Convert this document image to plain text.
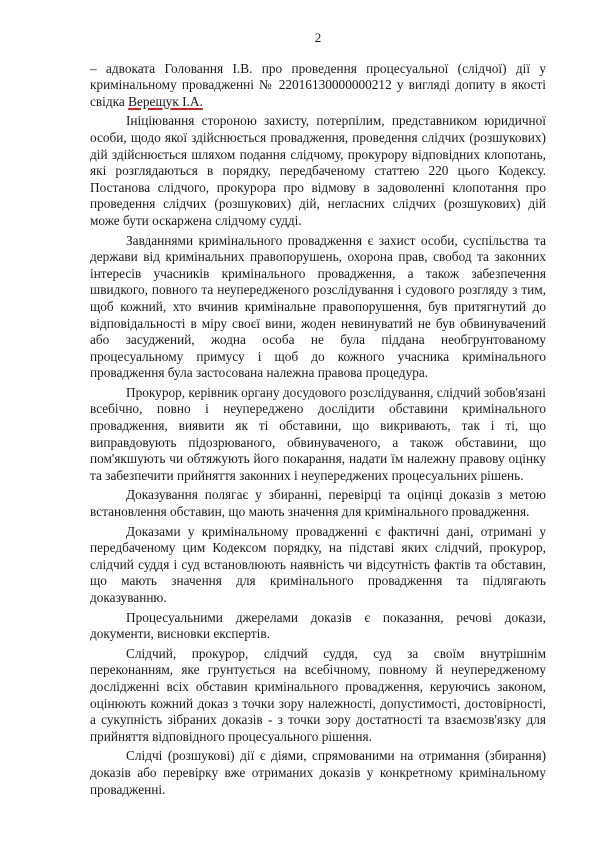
2

– адвоката Головання І.В. про проведення процесуальної (слідчої) дії у кримінальному провадженні № 22016130000000212 у вигляді допиту в якості свідка Верещук І.А.

Ініціювання стороною захисту, потерпілим, представником юридичної особи, щодо якої здійснюється провадження, проведення слідчих (розшукових) дій здійснюється шляхом подання слідчому, прокурору відповідних клопотань, які розглядаються в порядку, передбаченому статтею 220 цього Кодексу. Постанова слідчого, прокурора про відмову в задоволенні клопотання про проведення слідчих (розшукових) дій, негласних слідчих (розшукових) дій може бути оскаржена слідчому судді.

Завданнями кримінального провадження є захист особи, суспільства та держави від кримінальних правопорушень, охорона прав, свобод та законних інтересів учасників кримінального провадження, а також забезпечення швидкого, повного та неупередженого розслідування і судового розгляду з тим, щоб кожний, хто вчинив кримінальне правопорушення, був притягнутий до відповідальності в міру своєї вини, жоден невинуватий не був обвинувачений або засуджений, жодна особа не була піддана необгрунтованому процесуальному примусу і щоб до кожного учасника кримінального провадження була застосована належна правова процедура.

Прокурор, керівник органу досудового розслідування, слідчий зобов'язані всебічно, повно і неупереджено дослідити обставини кримінального провадження, виявити як ті обставини, що викривають, так і ті, що виправдовують підозрюваного, обвинуваченого, а також обставини, що пом'якшують чи обтяжують його покарання, надати їм належну правову оцінку та забезпечити прийняття законних і неупереджених процесуальних рішень.

Доказування полягає у збиранні, перевірці та оцінці доказів з метою встановлення обставин, що мають значення для кримінального провадження.

Доказами у кримінальному провадженні є фактичні дані, отримані у передбаченому цим Кодексом порядку, на підставі яких слідчий, прокурор, слідчий суддя і суд встановлюють наявність чи відсутність фактів та обставин, що мають значення для кримінального провадження та підлягають доказуванню.

Процесуальними джерелами доказів є показання, речові докази, документи, висновки експертів.

Слідчий, прокурор, слідчий суддя, суд за своїм внутрішнім переконанням, яке грунтується на всебічному, повному й неупередженому дослідженні всіх обставин кримінального провадження, керуючись законом, оцінюють кожний доказ з точки зору належності, допустимості, достовірності, а сукупність зібраних доказів - з точки зору достатності та взаємозв'язку для прийняття відповідного процесуального рішення.

Слідчі (розшукові) дії є діями, спрямованими на отримання (збирання) доказів або перевірку вже отриманих доказів у конкретному кримінальному провадженні.
